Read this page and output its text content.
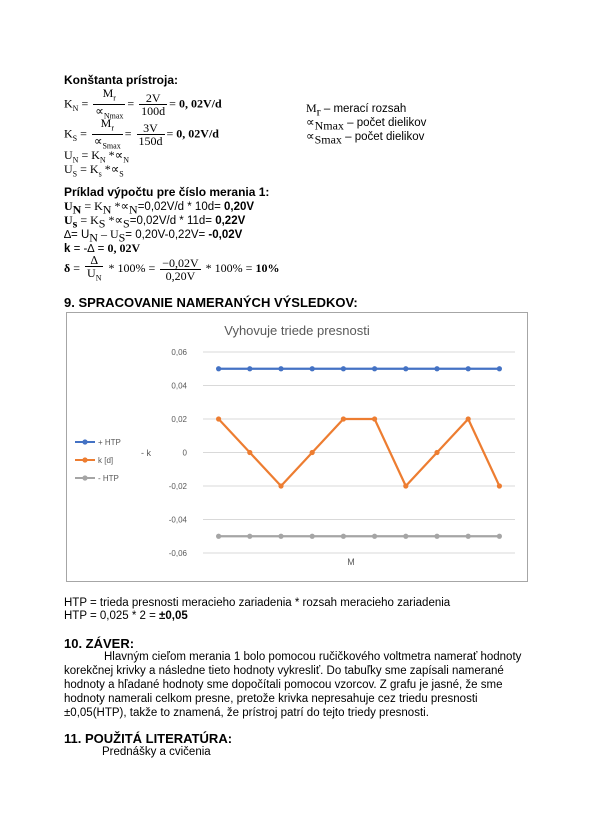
Konštanta prístroja:
$K_N = \frac{M_r}{\propto_{Nmax}} = \frac{2V}{100d} = 0$, 02V/d
$K_S = \frac{M_r}{\propto_{Smax}} = \frac{3V}{150d} = 0$, 02V/d
$U_N = K_N$ $*\propto_N$
$U_S = K_s$ $*\propto_S$
$M_r$ – merací rozsah
$\propto_{Nmax}$ – počet dielikov
$\propto_{Smax}$ – počet dielikov
Príklad výpočtu pre číslo merania 1:
$U_N = K_N$ $*\propto_N=0,02V/d * 10d= 0,20V$
$U_s = K_S$ $*\propto_S=0,02V/d * 11d= 0,22V$
∆= $U_N - U_S= 0,20V-0,22V= -0,02V$
k = -∆ = 0, 02V
$\delta = \frac{\Delta}{U_N} * 100\% = \frac{-0,02V}{0,20V} * 100\% = 10\%$
9. SPRACOVANIE NAMERANÝCH VÝSLEDKOV:
Vyhovuje triede presnosti
- k
M
0,06
0,04
0,02
0
-0,02
-0,04
-0,06
+ HTP
k [d]
- HTP
HTP = trieda presnosti meracieho zariadenia * rozsah meracieho zariadenia
HTP = 0,025 * 2 = ±0,05
10. ZÁVER:
Hlavným cieľom merania 1 bolo pomocou ručičkového voltmetra namerať hodnoty
korekčnej krivky a následne tieto hodnoty vykresliť. Do tabuľky sme zapísali namerané
hodnoty a hľadané hodnoty sme dopočítali pomocou vzorcov. Z grafu je jasné, že sme
hodnoty namerali celkom presne, pretože krivka nepresahuje cez triedu presnosti
±0,05(HTP), takže to znamená, že prístroj patrí do tejto triedy presnosti.
11. POUŽITÁ LITERATÚRA:
Prednášky a cvičenia
